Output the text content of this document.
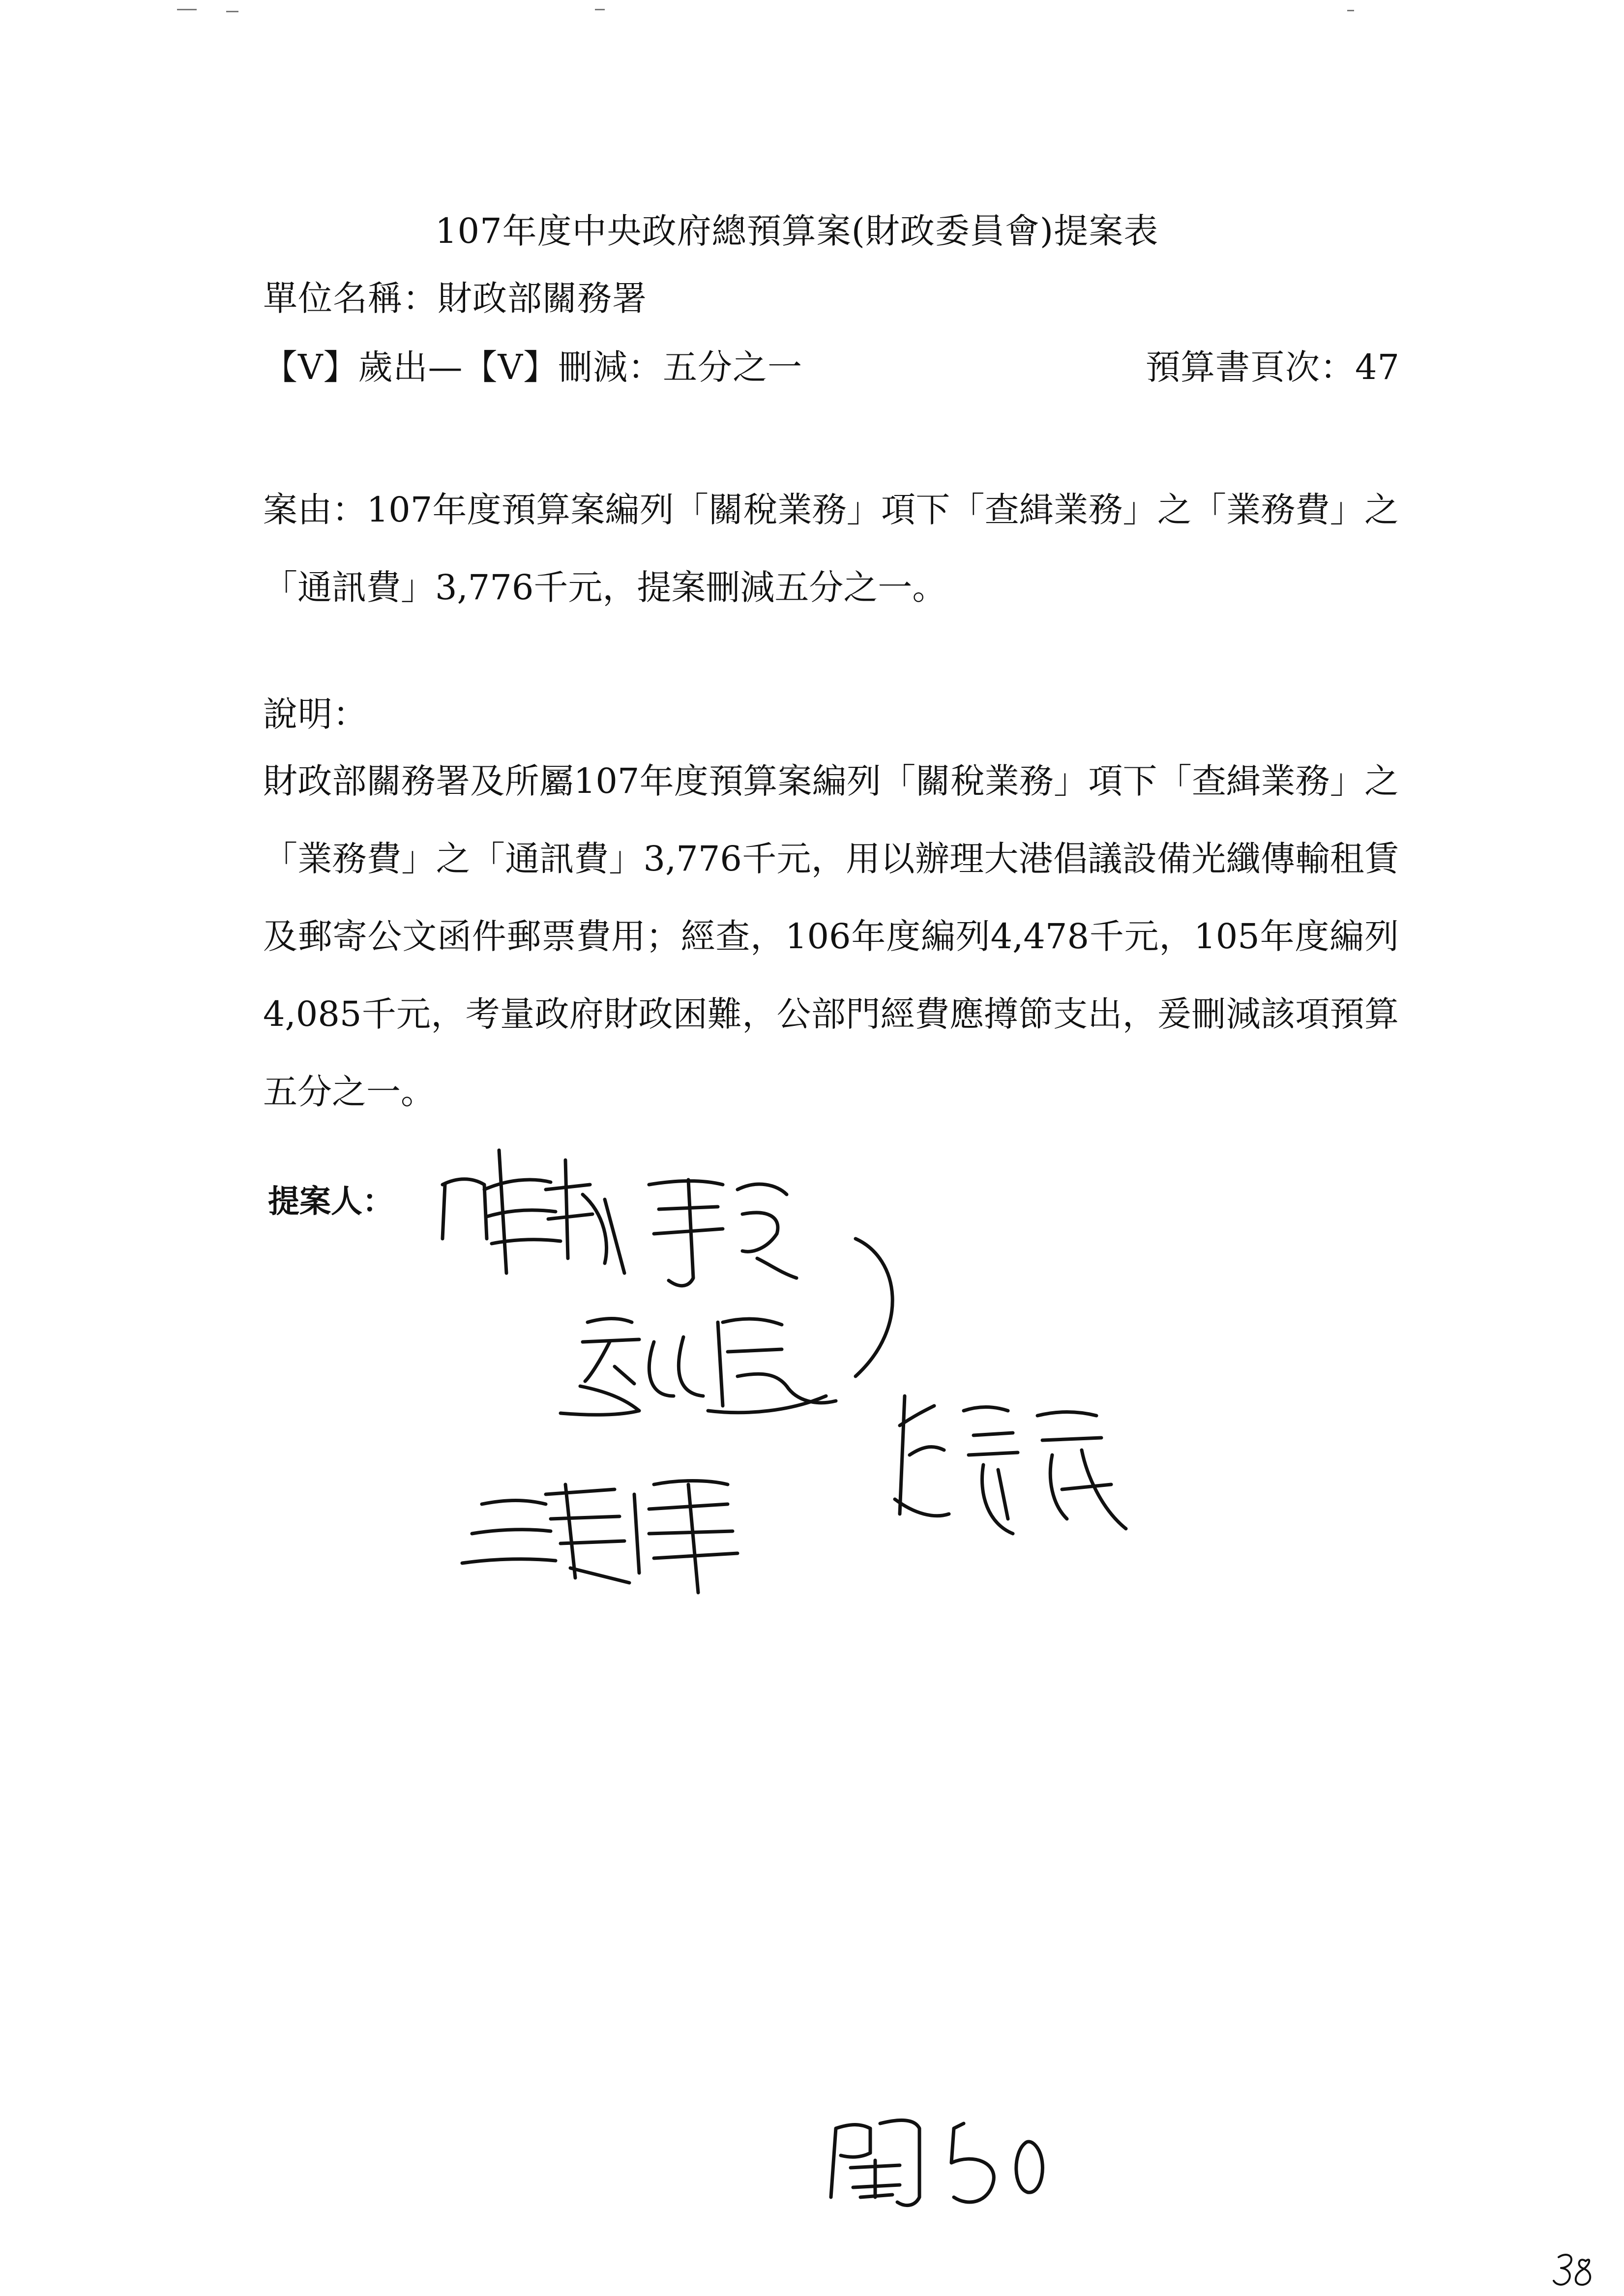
107年度中央政府總預算案(財政委員會)提案表
單位名稱：財政部關務署
【V】歲出—【V】刪減：五分之一	預算書頁次：47
案由：107年度預算案編列「關稅業務」項下「查緝業務」之「業務費」之「通訊費」3,776千元，提案刪減五分之一。
說明：
財政部關務署及所屬107年度預算案編列「關稅業務」項下「查緝業務」之「業務費」之「通訊費」3,776千元，用以辦理大港倡議設備光纖傳輸租賃及郵寄公文函件郵票費用；經查，106年度編列4,478千元，105年度編列4,085千元，考量政府財政困難，公部門經費應撙節支出，爰刪減該項預算五分之一。
提案人：
